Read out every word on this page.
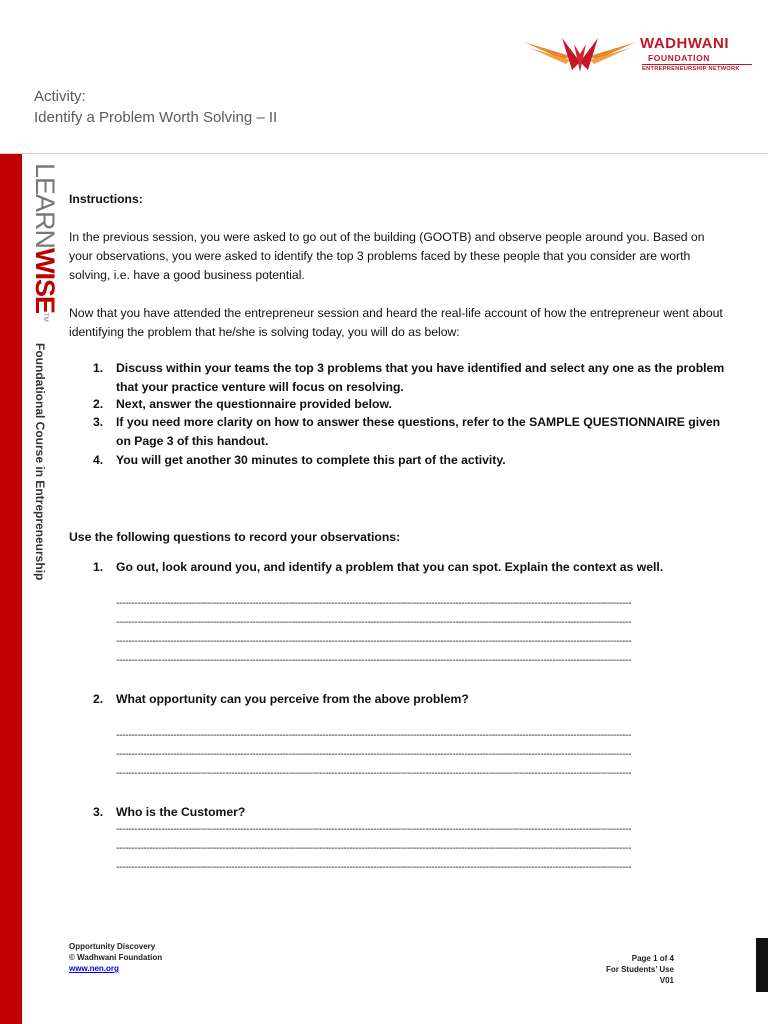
WADHWANI
FOUNDATION
ENTREPRENEURSHIP NETWORK
Activity:
Identify a Problem Worth Solving – II
LEARNWISE™
Foundational Course in Entrepreneurship

Instructions:

In the previous session, you were asked to go out of the building (GOOTB) and observe people around you. Based on your observations, you were asked to identify the top 3 problems faced by these people that you consider are worth solving, i.e. have a good business potential.

Now that you have attended the entrepreneur session and heard the real-life account of how the entrepreneur went about identifying the problem that he/she is solving today, you will do as below:

1. Discuss within your teams the top 3 problems that you have identified and select any one as the problem that your practice venture will focus on resolving.
2. Next, answer the questionnaire provided below.
3. If you need more clarity on how to answer these questions, refer to the SAMPLE QUESTIONNAIRE given on Page 3 of this handout.
4. You will get another 30 minutes to complete this part of the activity.

Use the following questions to record your observations:

1. Go out, look around you, and identify a problem that you can spot. Explain the context as well.
--------------------------------------------------------------------------------------------------------------------------------------------------------------------------
--------------------------------------------------------------------------------------------------------------------------------------------------------------------------
--------------------------------------------------------------------------------------------------------------------------------------------------------------------------
--------------------------------------------------------------------------------------------------------------------------------------------------------------------------
2. What opportunity can you perceive from the above problem?
--------------------------------------------------------------------------------------------------------------------------------------------------------------------------
--------------------------------------------------------------------------------------------------------------------------------------------------------------------------
--------------------------------------------------------------------------------------------------------------------------------------------------------------------------
3. Who is the Customer?
--------------------------------------------------------------------------------------------------------------------------------------------------------------------------
--------------------------------------------------------------------------------------------------------------------------------------------------------------------------
--------------------------------------------------------------------------------------------------------------------------------------------------------------------------
Opportunity Discovery
© Wadhwani Foundation
www.nen.org
Page 1 of 4
For Students’ Use
V01
